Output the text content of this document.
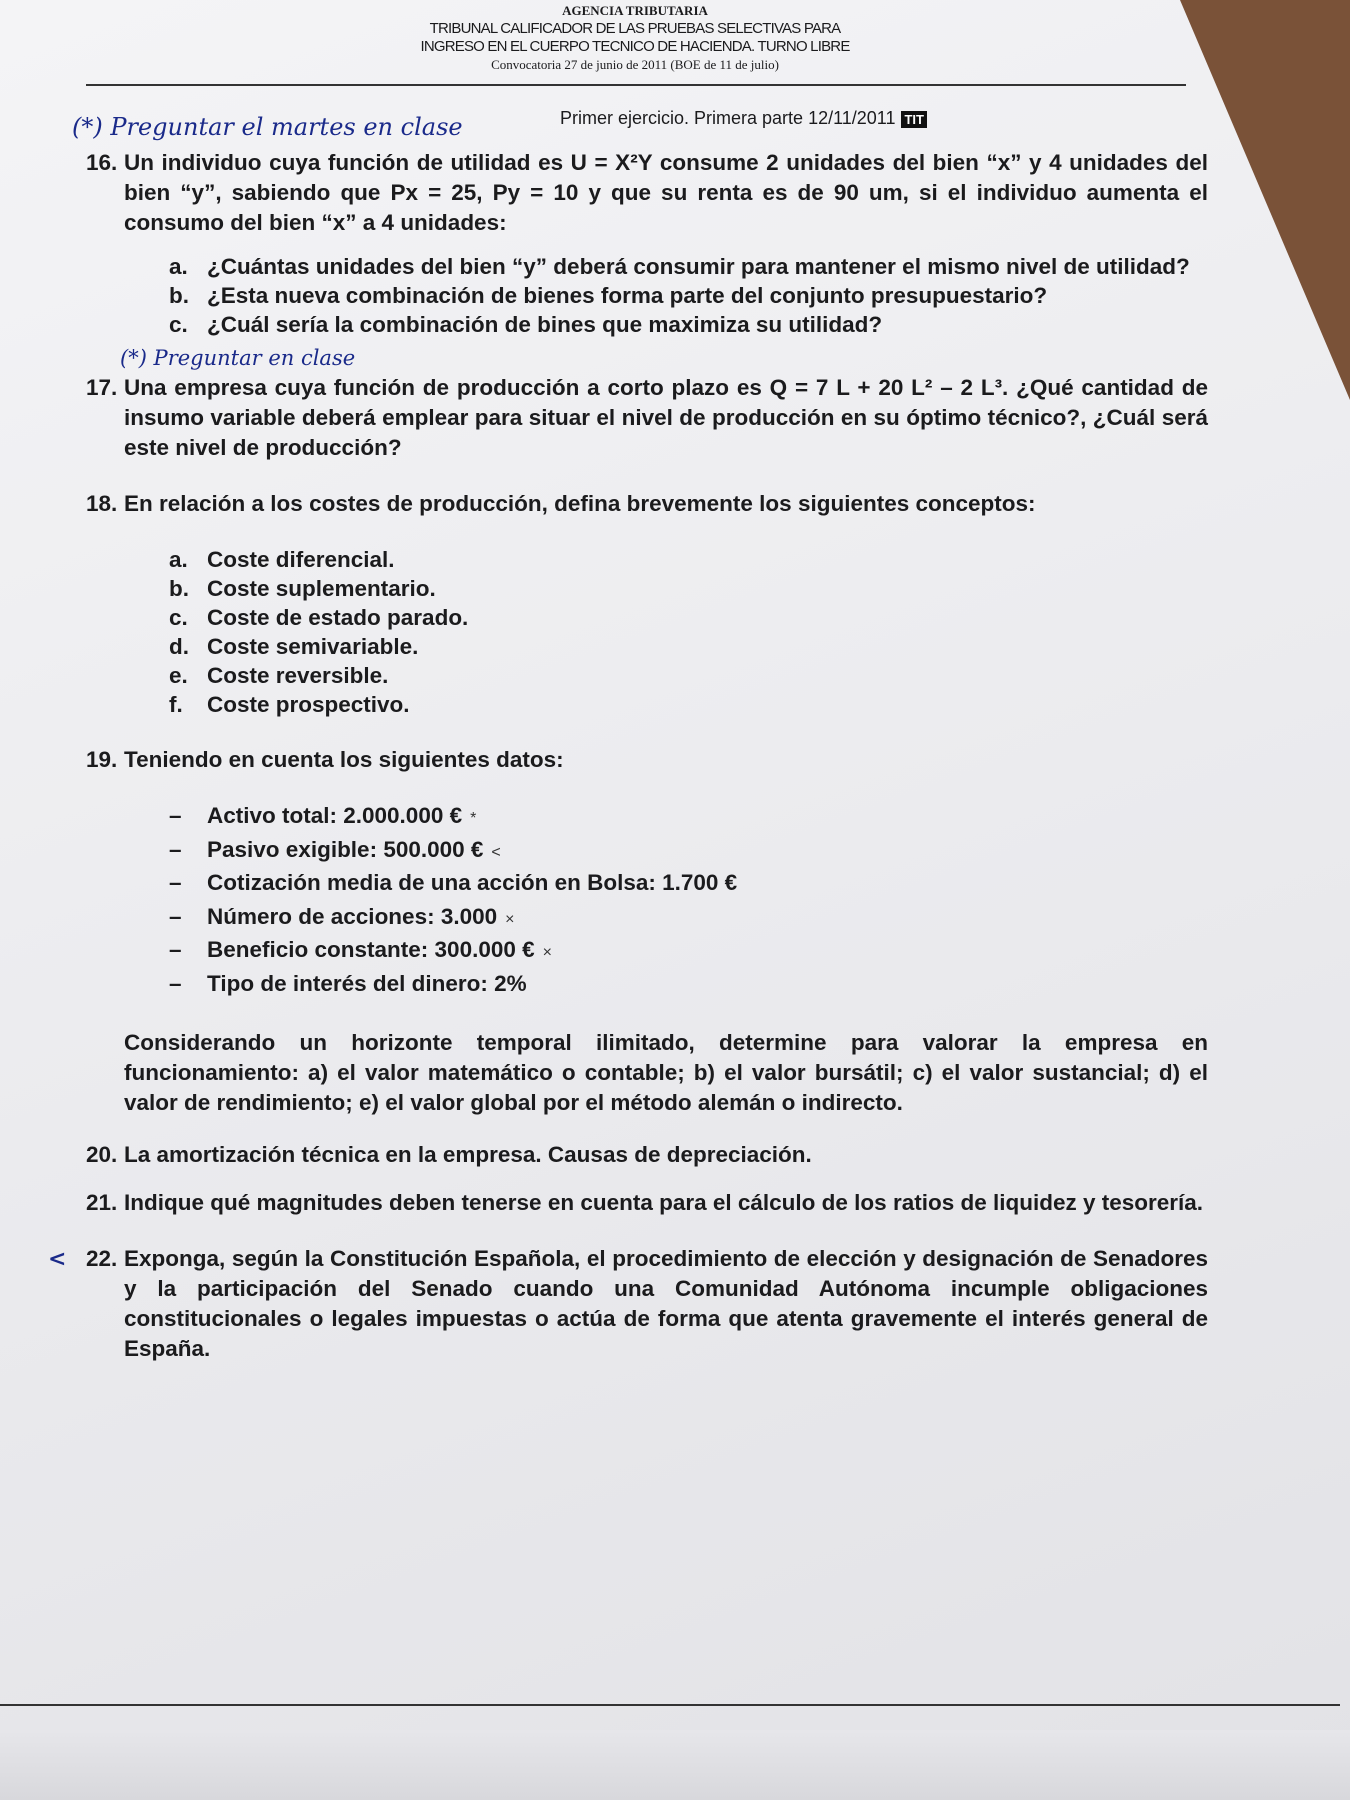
AGENCIA TRIBUTARIA
TRIBUNAL CALIFICADOR DE LAS PRUEBAS SELECTIVAS PARA
INGRESO EN EL CUERPO TECNICO DE HACIENDA. TURNO LIBRE
Convocatoria 27 de junio de 2011 (BOE de 11 de julio)
(*) Preguntar el martes en clase	Primer ejercicio. Primera parte 12/11/2011 TIT
16. Un individuo cuya función de utilidad es U = X²Y consume 2 unidades del bien “x” y 4 unidades del bien “y”, sabiendo que Px = 25, Py = 10 y que su renta es de 90 um, si el individuo aumenta el consumo del bien “x” a 4 unidades:
a. ¿Cuántas unidades del bien “y” deberá consumir para mantener el mismo nivel de utilidad?
b. ¿Esta nueva combinación de bienes forma parte del conjunto presupuestario?
c. ¿Cuál sería la combinación de bines que maximiza su utilidad?
(*) Preguntar en clase
17. Una empresa cuya función de producción a corto plazo es Q = 7 L + 20 L² – 2 L³. ¿Qué cantidad de insumo variable deberá emplear para situar el nivel de producción en su óptimo técnico?, ¿Cuál será este nivel de producción?
18. En relación a los costes de producción, defina brevemente los siguientes conceptos:
a. Coste diferencial.
b. Coste suplementario.
c. Coste de estado parado.
d. Coste semivariable.
e. Coste reversible.
f. Coste prospectivo.
19. Teniendo en cuenta los siguientes datos:
– Activo total: 2.000.000 € *
– Pasivo exigible: 500.000 € <
– Cotización media de una acción en Bolsa: 1.700 €
– Número de acciones: 3.000 ×
– Beneficio constante: 300.000 € ×
– Tipo de interés del dinero: 2%
Considerando un horizonte temporal ilimitado, determine para valorar la empresa en funcionamiento: a) el valor matemático o contable; b) el valor bursátil; c) el valor sustancial; d) el valor de rendimiento; e) el valor global por el método alemán o indirecto.
20. La amortización técnica en la empresa. Causas de depreciación.
21. Indique qué magnitudes deben tenerse en cuenta para el cálculo de los ratios de liquidez y tesorería.
< 22. Exponga, según la Constitución Española, el procedimiento de elección y designación de Senadores y la participación del Senado cuando una Comunidad Autónoma incumple obligaciones constitucionales o legales impuestas o actúa de forma que atenta gravemente el interés general de España.
